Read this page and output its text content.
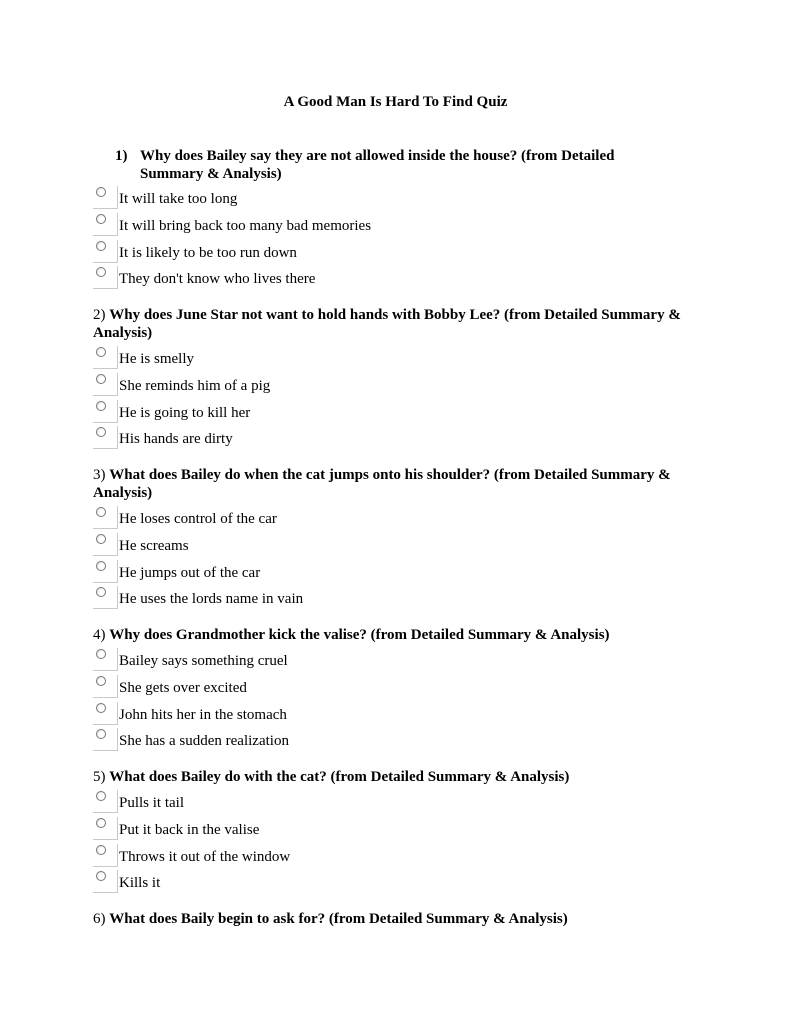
A Good Man Is Hard To Find Quiz
1) Why does Bailey say they are not allowed inside the house? (from Detailed
Summary & Analysis)
It will take too long
It will bring back too many bad memories
It is likely to be too run down
They don't know who lives there
2) Why does June Star not want to hold hands with Bobby Lee? (from Detailed Summary & Analysis)
He is smelly
She reminds him of a pig
He is going to kill her
His hands are dirty
3) What does Bailey do when the cat jumps onto his shoulder? (from Detailed Summary & Analysis)
He loses control of the car
He screams
He jumps out of the car
He uses the lords name in vain
4) Why does Grandmother kick the valise? (from Detailed Summary & Analysis)
Bailey says something cruel
She gets over excited
John hits her in the stomach
She has a sudden realization
5) What does Bailey do with the cat? (from Detailed Summary & Analysis)
Pulls it tail
Put it back in the valise
Throws it out of the window
Kills it
6) What does Baily begin to ask for? (from Detailed Summary & Analysis)
